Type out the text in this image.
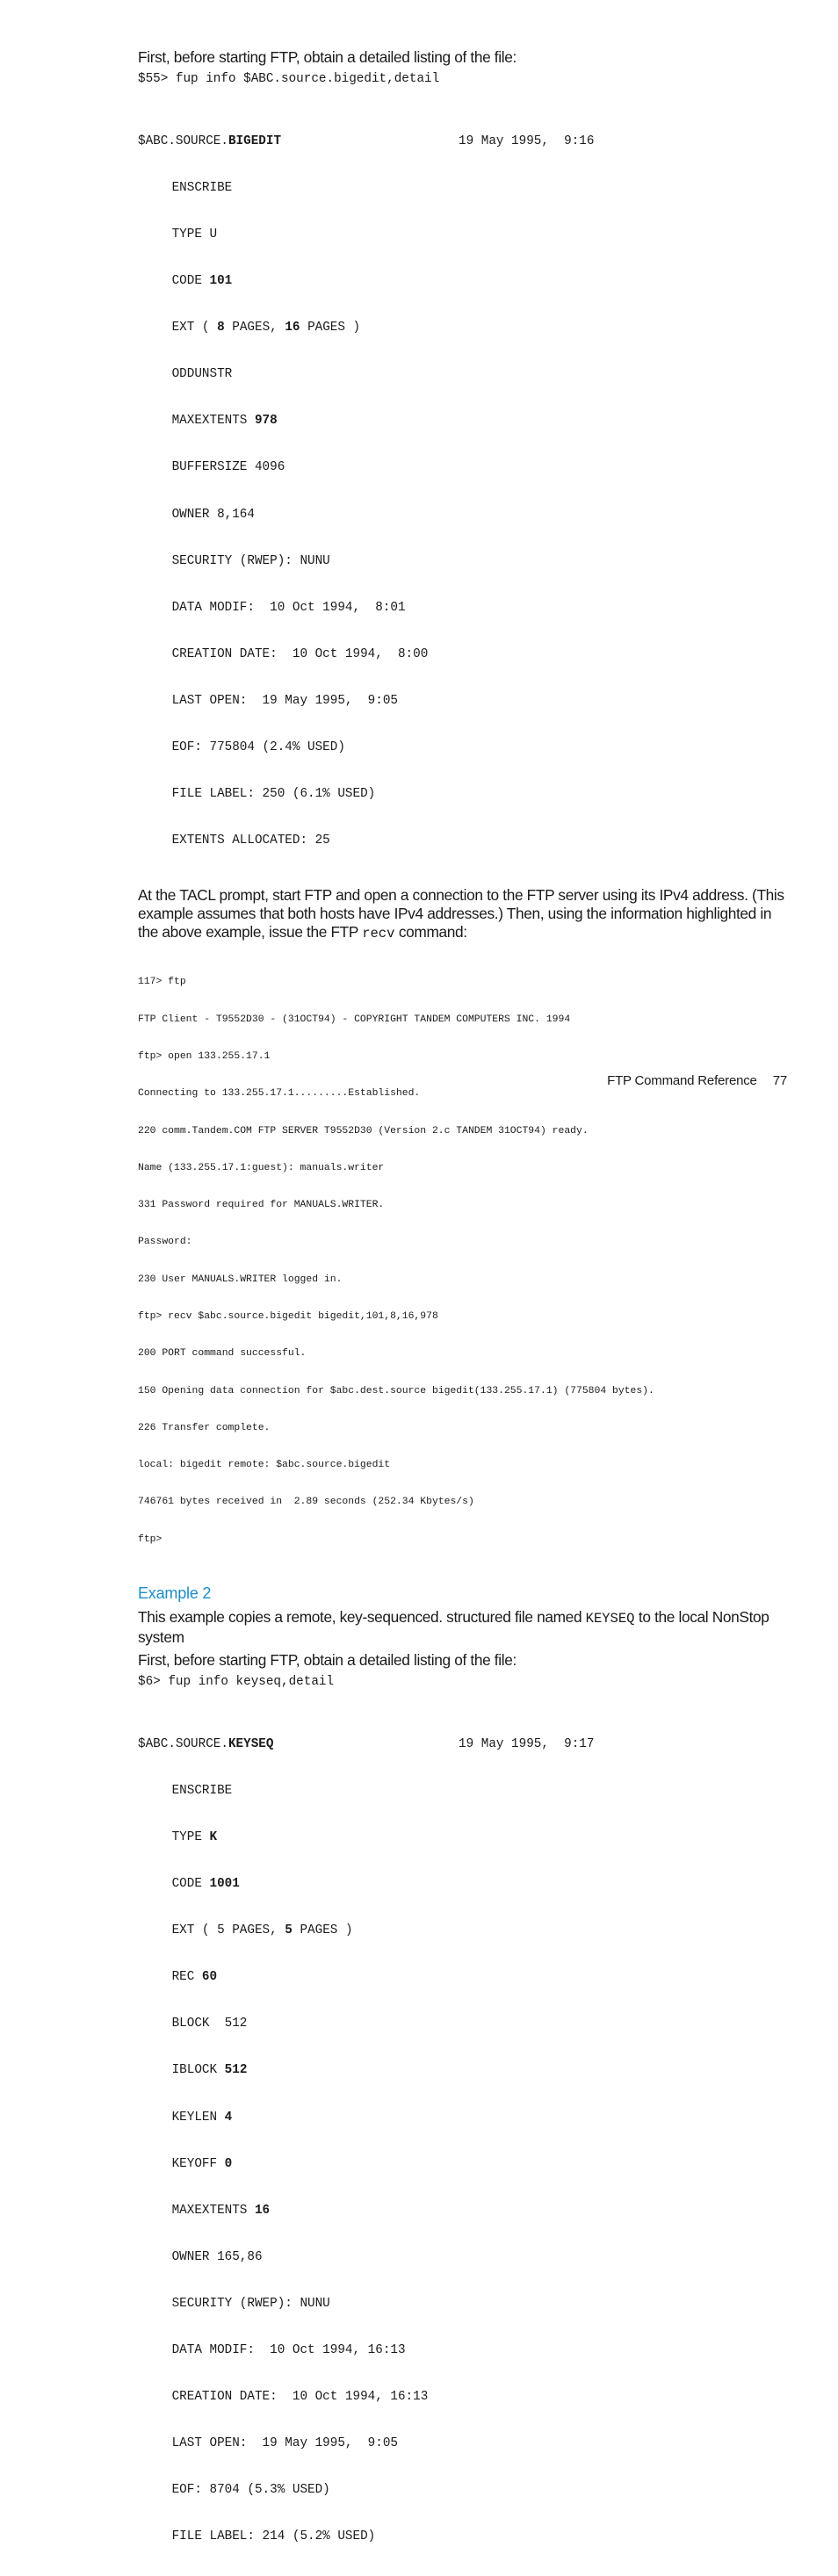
First, before starting FTP, obtain a detailed listing of the file:

$55> fup info $ABC.source.bigedit,detail

$ABC.SOURCE.BIGEDIT	19 May 1995,  9:16

ENSCRIBE

TYPE U

CODE 101

EXT ( 8 PAGES, 16 PAGES )

ODDUNSTR

MAXEXTENTS 978

BUFFERSIZE 4096

OWNER 8,164

SECURITY (RWEP): NUNU

DATA MODIF:  10 Oct 1994,  8:01

CREATION DATE:  10 Oct 1994,  8:00

LAST OPEN:  19 May 1995,  9:05

EOF: 775804 (2.4% USED)

FILE LABEL: 250 (6.1% USED)

EXTENTS ALLOCATED: 25

At the TACL prompt, start FTP and open a connection to the FTP server using its IPv4 address. (This example assumes that both hosts have IPv4 addresses.) Then, using the information highlighted in the above example, issue the FTP recv command:

117> ftp

FTP Client - T9552D30 - (31OCT94) - COPYRIGHT TANDEM COMPUTERS INC. 1994

ftp> open 133.255.17.1

Connecting to 133.255.17.1.........Established.

220 comm.Tandem.COM FTP SERVER T9552D30 (Version 2.c TANDEM 31OCT94) ready.

Name (133.255.17.1:guest): manuals.writer

331 Password required for MANUALS.WRITER.

Password:

230 User MANUALS.WRITER logged in.

ftp> recv $abc.source.bigedit bigedit,101,8,16,978

200 PORT command successful.

150 Opening data connection for $abc.dest.source bigedit(133.255.17.1) (775804 bytes).

226 Transfer complete.

local: bigedit remote: $abc.source.bigedit

746761 bytes received in  2.89 seconds (252.34 Kbytes/s)

ftp>

Example 2

This example copies a remote, key-sequenced. structured file named KEYSEQ to the local NonStop system

First, before starting FTP, obtain a detailed listing of the file:

$6> fup info keyseq,detail

$ABC.SOURCE.KEYSEQ	19 May 1995,  9:17

ENSCRIBE

TYPE K

CODE 1001

EXT ( 5 PAGES, 5 PAGES )

REC 60

BLOCK  512

IBLOCK 512

KEYLEN 4

KEYOFF 0

MAXEXTENTS 16

OWNER 165,86

SECURITY (RWEP): NUNU

DATA MODIF:  10 Oct 1994, 16:13

CREATION DATE:  10 Oct 1994, 16:13

LAST OPEN:  19 May 1995,  9:05

EOF: 8704 (5.3% USED)

FILE LABEL: 214 (5.2% USED)

FTP Command Reference 77
